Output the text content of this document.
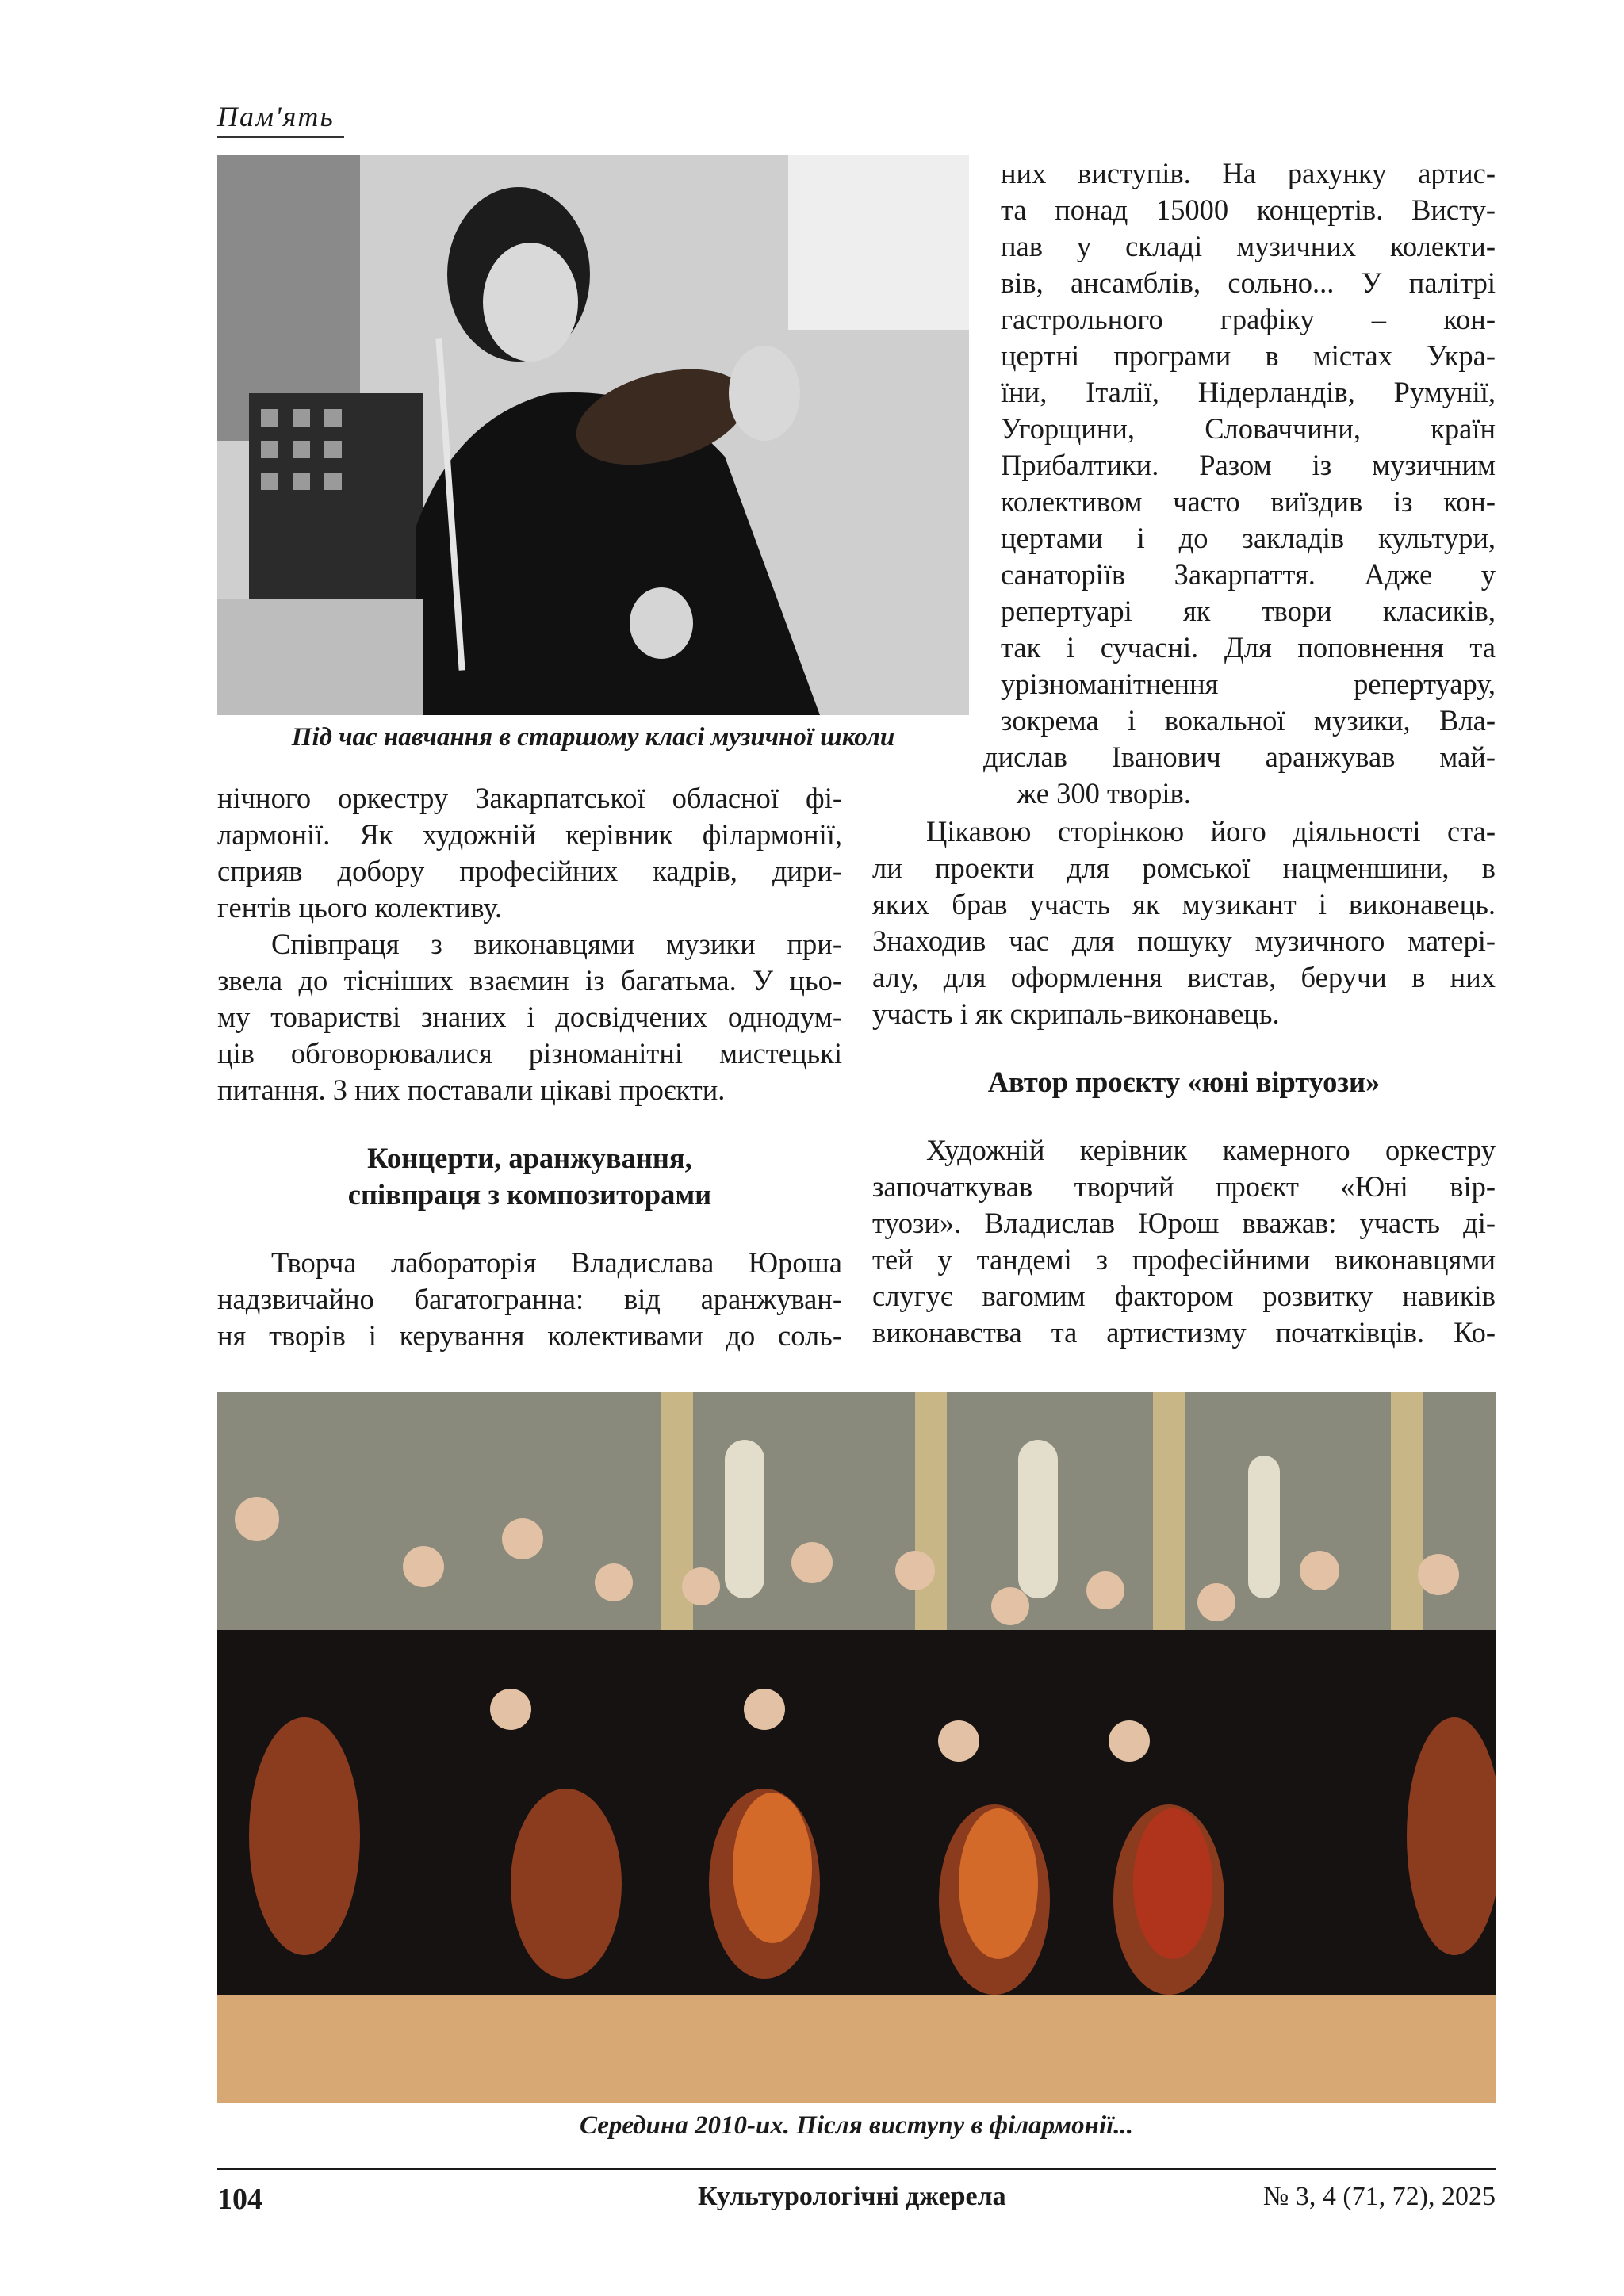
Пам'ять
Під час навчання в старшому класі музичної школи
них виступів. На рахунку артис-
та понад 15000 концертів. Висту-
пав у складі музичних колекти-
вів, ансамблів, сольно... У палітрі
гастрольного графіку – кон-
цертні програми в містах Укра-
їни, Італії, Нідерландів, Румунії,
Угорщини, Словаччини, країн
Прибалтики. Разом із музичним
колективом часто виїздив із кон-
цертами і до закладів культури,
санаторіїв Закарпаття. Адже у
репертуарі як твори класиків,
так і сучасні. Для поповнення та
урізноманітнення репертуару,
зокрема і вокальної музики, Вла-
дислав Іванович аранжував май-
же 300 творів.
нічного оркестру Закарпатської обласної фі-
лармонії. Як художній керівник філармонії,
сприяв добору професійних кадрів, дири-
гентів цього колективу.
Співпраця з виконавцями музики при-
звела до тісніших взаємин із багатьма. У цьо-
му товаристві знаних і досвідчених однодум-
ців обговорювалися різноманітні мистецькі
питання. З них поставали цікаві проєкти.
Концерти, аранжування,
співпраця з композиторами
Творча лабораторія Владислава Юроша
надзвичайно багатогранна: від аранжуван-
ня творів і керування колективами до соль-
Цікавою сторінкою його діяльності ста-
ли проекти для ромської нацменшини, в
яких брав участь як музикант і виконавець.
Знаходив час для пошуку музичного матері-
алу, для оформлення вистав, беручи в них
участь і як скрипаль-виконавець.
Автор проєкту «юні віртуози»
Художній керівник камерного оркестру
започаткував творчий проєкт «Юні вір-
туози». Владислав Юрош вважав: участь ді-
тей у тандемі з професійними виконавцями
слугує вагомим фактором розвитку навиків
виконавства та артистизму початківців. Ко-
Середина 2010-их. Після виступу в філармонії...
104	Культурологічні джерела	№ 3, 4 (71, 72), 2025
